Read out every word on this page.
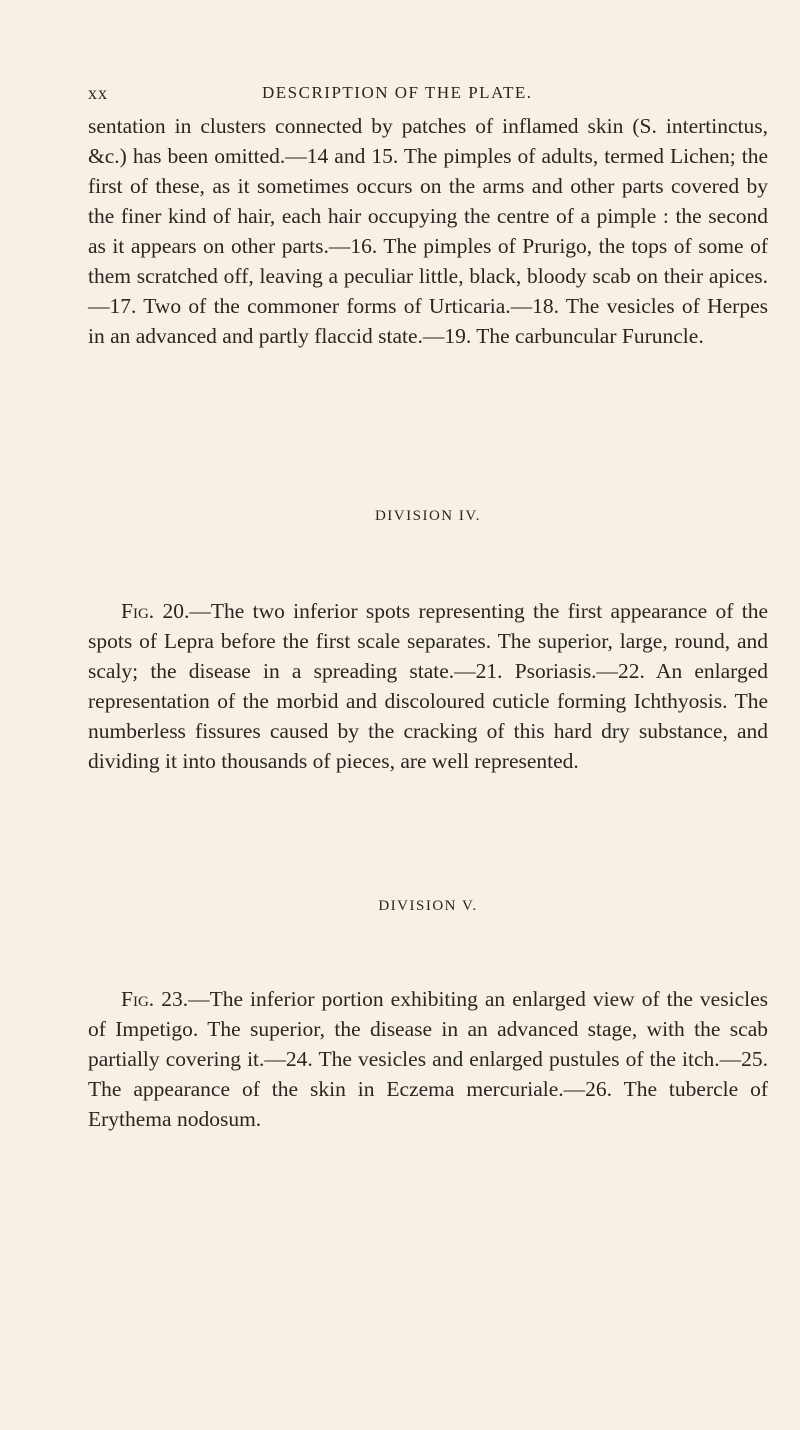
xx	DESCRIPTION OF THE PLATE.

sentation in clusters connected by patches of inflamed skin (S. intertinctus, &c.) has been omitted.—14 and 15. The pimples of adults, termed Lichen; the first of these, as it sometimes occurs on the arms and other parts covered by the finer kind of hair, each hair occupying the centre of a pimple : the second as it appears on other parts.—16. The pimples of Prurigo, the tops of some of them scratched off, leaving a peculiar little, black, bloody scab on their apices.—17. Two of the commoner forms of Urticaria.—18. The vesicles of Herpes in an advanced and partly flaccid state.—19. The carbuncular Furuncle.

DIVISION IV.

Fig. 20.—The two inferior spots representing the first appearance of the spots of Lepra before the first scale separates. The superior, large, round, and scaly; the disease in a spreading state.—21. Psoriasis.—22. An enlarged representation of the morbid and discoloured cuticle forming Ichthyosis. The numberless fissures caused by the cracking of this hard dry substance, and dividing it into thousands of pieces, are well represented.

DIVISION V.

Fig. 23.—The inferior portion exhibiting an enlarged view of the vesicles of Impetigo. The superior, the disease in an advanced stage, with the scab partially covering it.—24. The vesicles and enlarged pustules of the itch.—25. The appearance of the skin in Eczema mercuriale.—26. The tubercle of Erythema nodosum.
